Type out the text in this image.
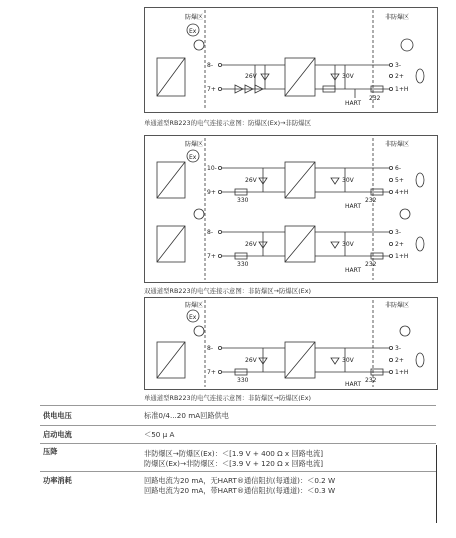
防爆区	非防爆区
Ex
8-
7+
26V	30V
3-
2+
1+H
HART
232
单通道型RB223的电气连接示意图：防爆区(Ex)→非防爆区
防爆区	非防爆区
Ex
10-
9+
8-
7+
26V
26V
330
330
30V
30V
HART
HART
232
232
6-
5+
4+H
3-
2+
1+H
双通道型RB223的电气连接示意图：非防爆区→防爆区(Ex)
防爆区	非防爆区
Ex
8-
7+
26V
330
30V
HART
232
3-
2+
1+H
单通道型RB223的电气连接示意图：非防爆区→防爆区(Ex)
供电电压	标准0/4...20 mA回路供电
启动电流	＜50 μ A
压降	非防爆区→防爆区(Ex)：＜[1.9 V + 400 Ω x 回路电流]
防爆区(Ex)→非防爆区：＜[3.9 V + 120 Ω x 回路电流]
功率消耗	回路电流为20 mA，无HART®通信阻抗(每通道)：＜0.2 W
回路电流为20 mA，带HART®通信阻抗(每通道)：＜0.3 W
